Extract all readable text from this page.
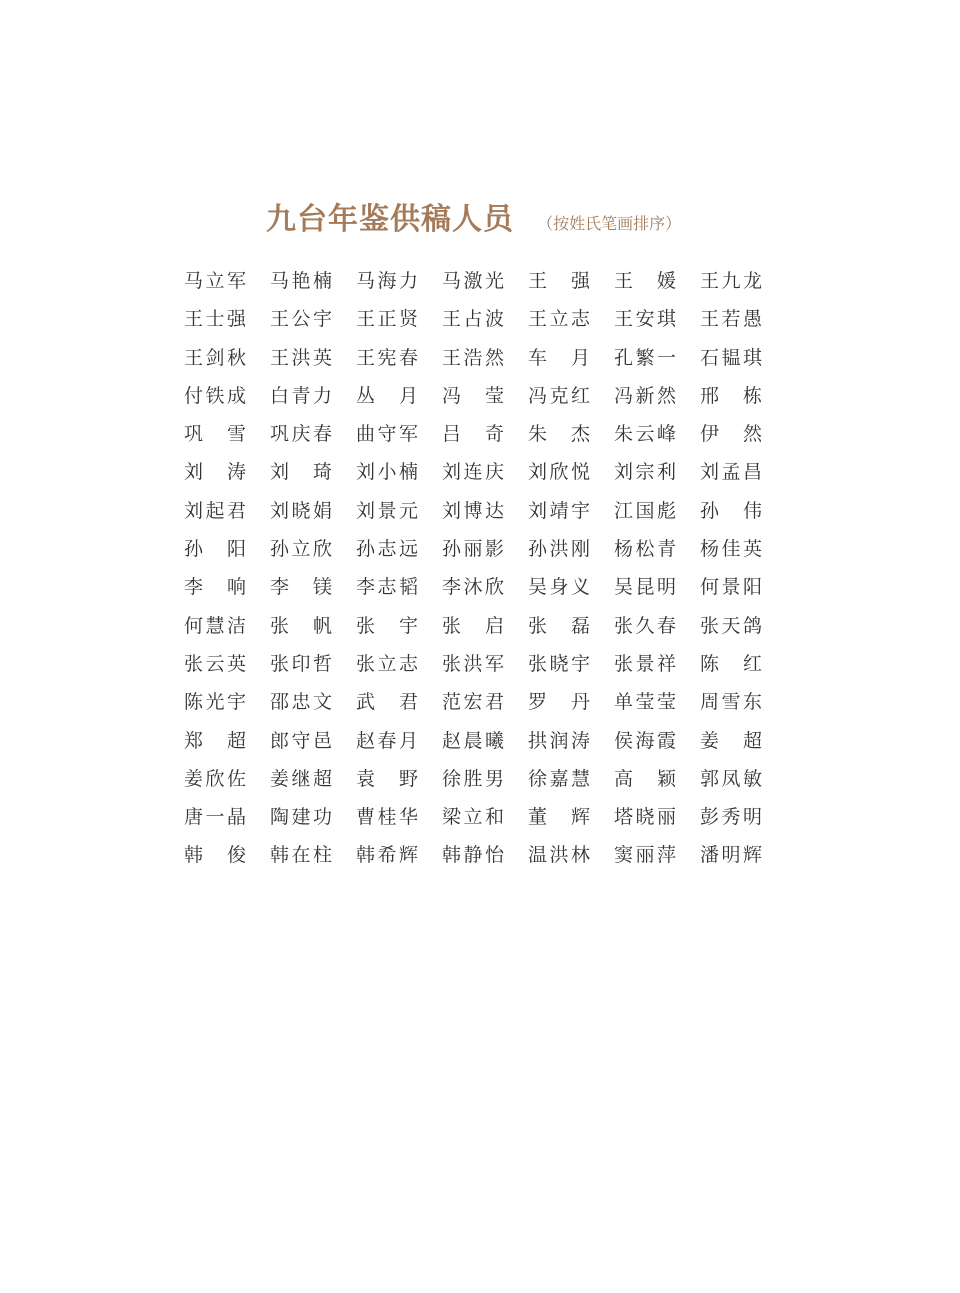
九台年鉴供稿人员 （按姓氏笔画排序）
马 立 军 马 艳 楠 马 海 力 马 激 光 王 强 王 媛 王 九 龙
王 士 强 王 公 宇 王 正 贤 王 占 波 王 立 志 王 安 琪 王 若 愚
王 剑 秋 王 洪 英 王 宪 春 王 浩 然 车 月 孔 繁 一 石 韫 琪
付 铁 成 白 青 力 丛 月 冯 莹 冯 克 红 冯 新 然 邢 栋
巩 雪 巩 庆 春 曲 守 军 吕 奇 朱 杰 朱 云 峰 伊 然
刘 涛 刘 琦 刘 小 楠 刘 连 庆 刘 欣 悦 刘 宗 利 刘 孟 昌
刘 起 君 刘 晓 娟 刘 景 元 刘 博 达 刘 靖 宇 江 国 彪 孙 伟
孙 阳 孙 立 欣 孙 志 远 孙 丽 影 孙 洪 刚 杨 松 青 杨 佳 英
李 响 李 镁 李 志 韬 李 沐 欣 吴 身 义 吴 昆 明 何 景 阳
何 慧 洁 张 帆 张 宇 张 启 张 磊 张 久 春 张 天 鸽
张 云 英 张 印 哲 张 立 志 张 洪 军 张 晓 宇 张 景 祥 陈 红
陈 光 宇 邵 忠 文 武 君 范 宏 君 罗 丹 单 莹 莹 周 雪 东
郑 超 郎 守 邑 赵 春 月 赵 晨 曦 拱 润 涛 侯 海 霞 姜 超
姜 欣 佐 姜 继 超 袁 野 徐 胜 男 徐 嘉 慧 高 颖 郭 凤 敏
唐 一 晶 陶 建 功 曹 桂 华 梁 立 和 董 辉 塔 晓 丽 彭 秀 明
韩 俊 韩 在 柱 韩 希 辉 韩 静 怡 温 洪 林 窦 丽 萍 潘 明 辉
